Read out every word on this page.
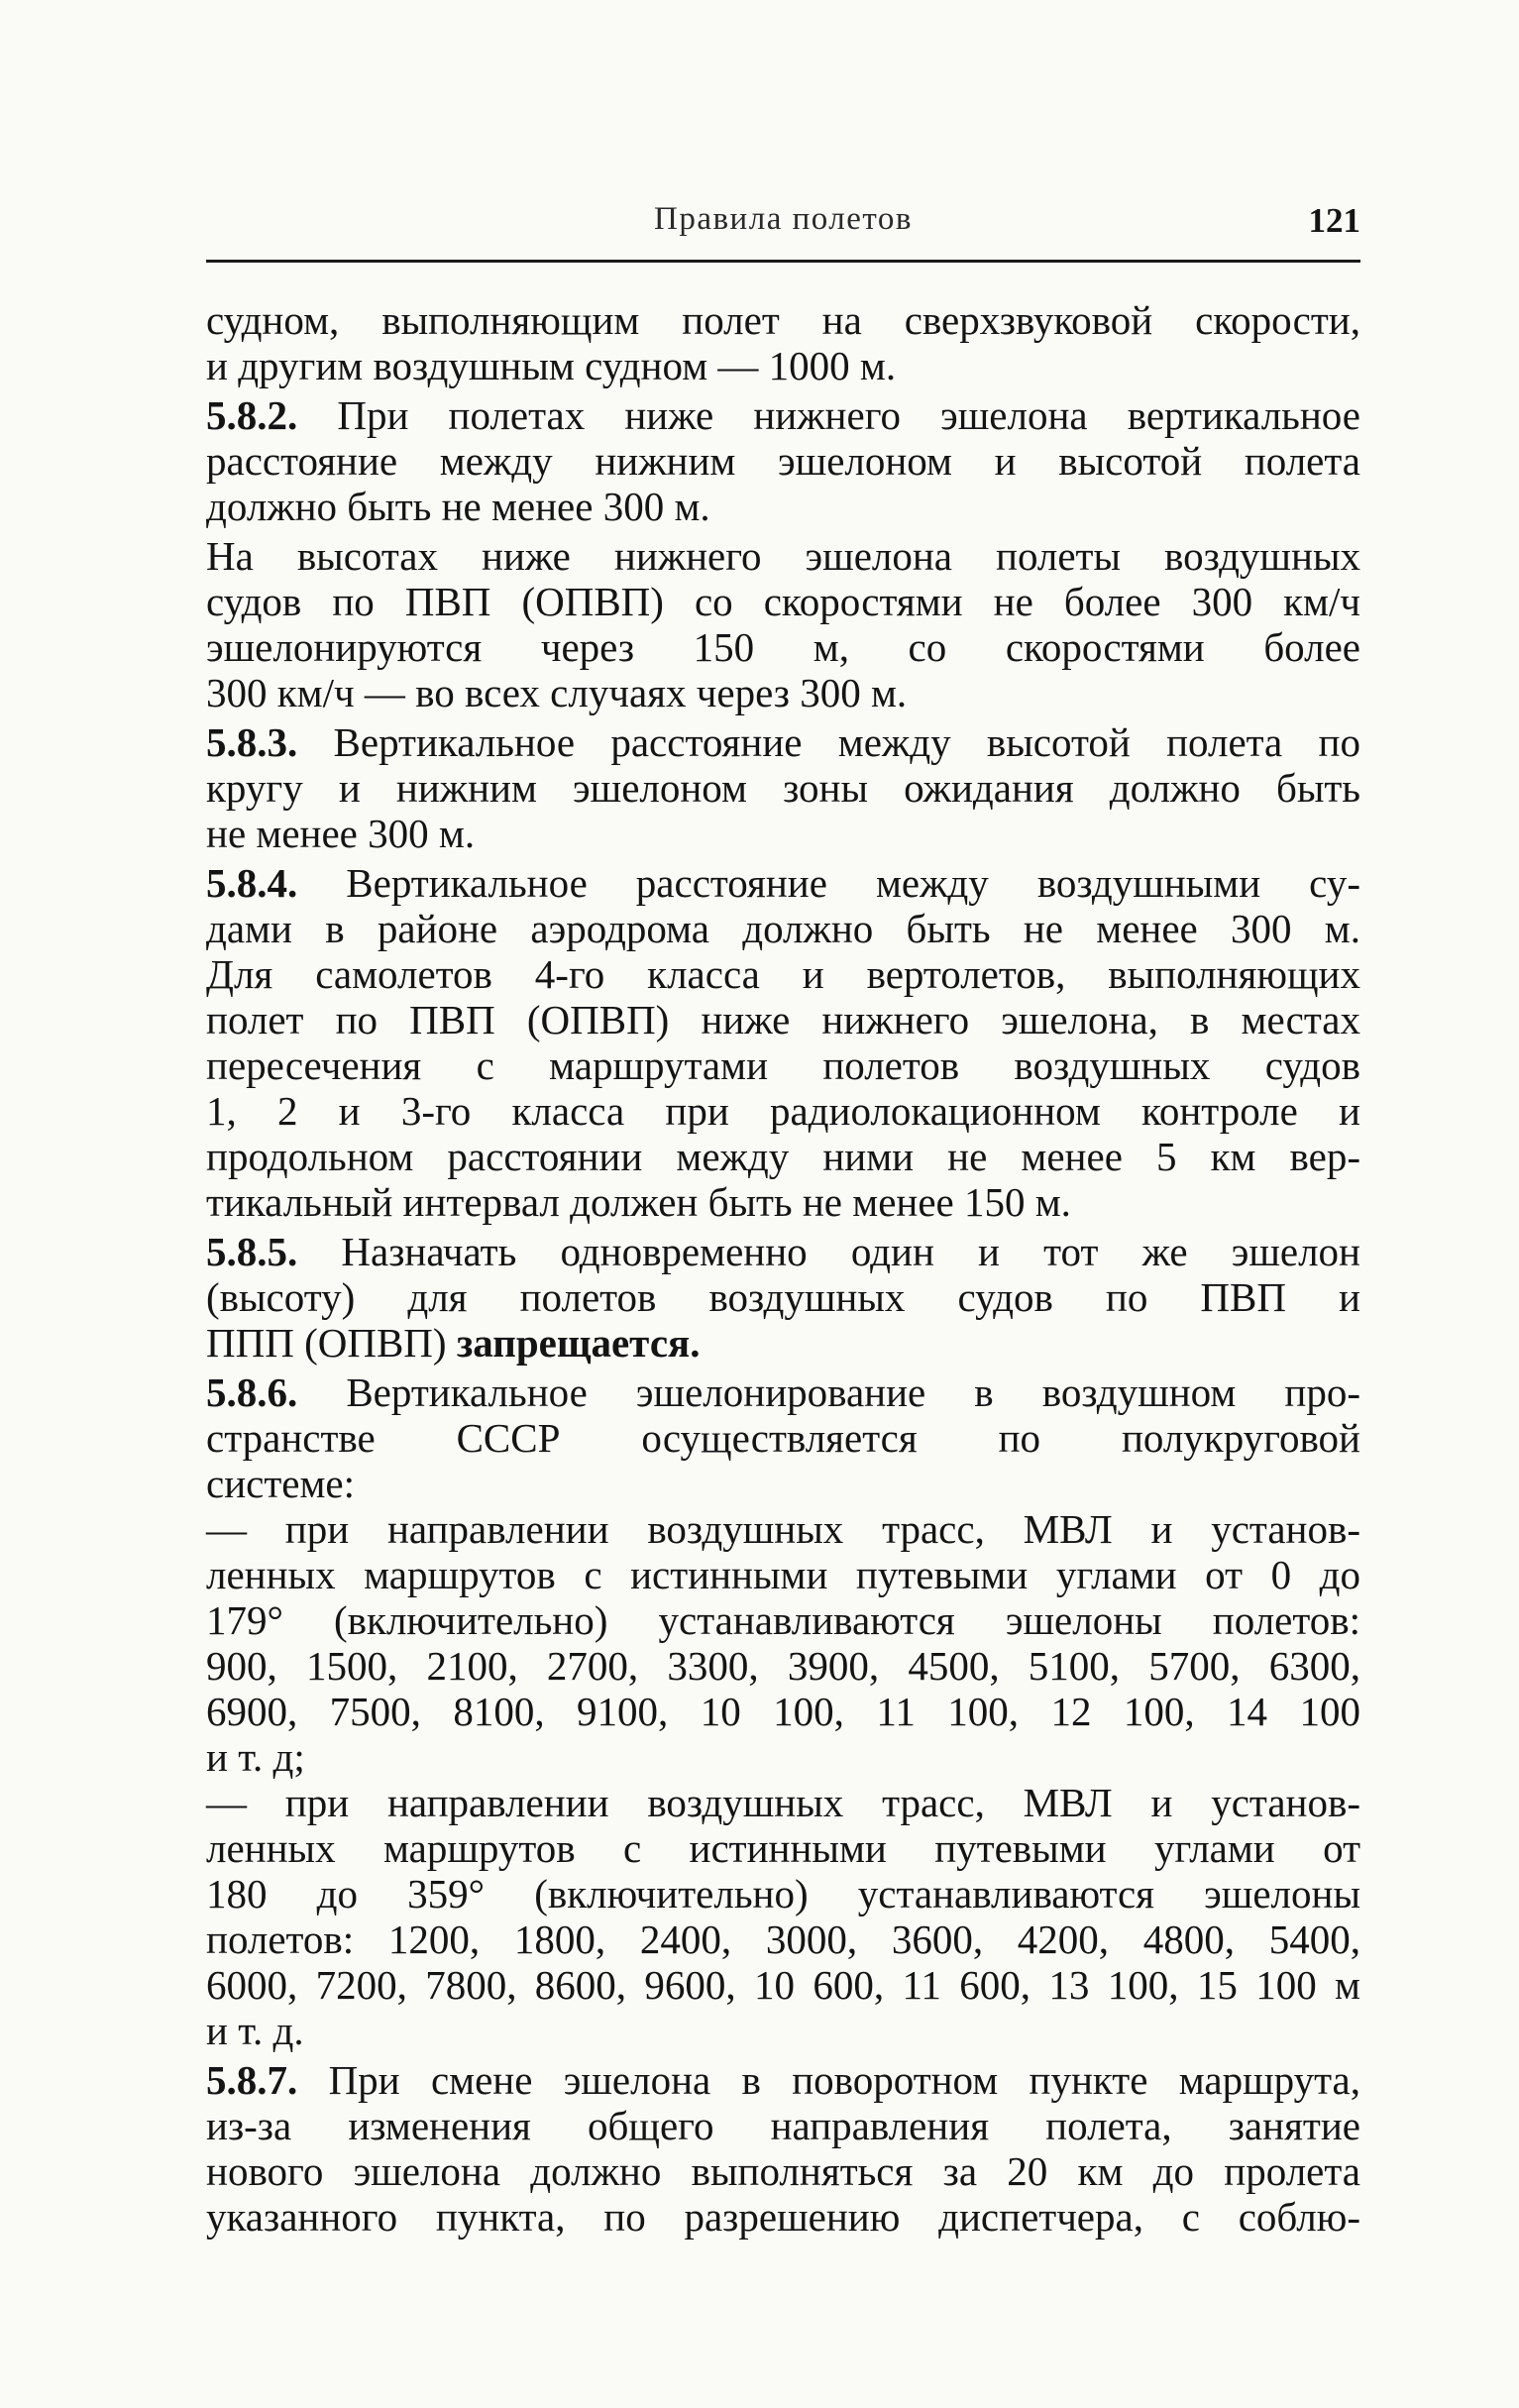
Правила полетов	121
судном, выполняющим полет на сверхзвуковой скорости,
и другим воздушным судном — 1000 м.
5.8.2. При полетах ниже нижнего эшелона вертикальное
расстояние между нижним эшелоном и высотой полета
должно быть не менее 300 м.
На высотах ниже нижнего эшелона полеты воздушных
судов по ПВП (ОПВП) со скоростями не более 300 км/ч
эшелонируются через 150 м, со скоростями более
300 км/ч — во всех случаях через 300 м.
5.8.3. Вертикальное расстояние между высотой полета по
кругу и нижним эшелоном зоны ожидания должно быть
не менее 300 м.
5.8.4. Вертикальное расстояние между воздушными су-
дами в районе аэродрома должно быть не менее 300 м.
Для самолетов 4-го класса и вертолетов, выполняющих
полет по ПВП (ОПВП) ниже нижнего эшелона, в местах
пересечения с маршрутами полетов воздушных судов
1, 2 и 3-го класса при радиолокационном контроле и
продольном расстоянии между ними не менее 5 км вер-
тикальный интервал должен быть не менее 150 м.
5.8.5. Назначать одновременно один и тот же эшелон
(высоту) для полетов воздушных судов по ПВП и
ППП (ОПВП) запрещается.
5.8.6. Вертикальное эшелонирование в воздушном про-
странстве СССР осуществляется по полукруговой
системе:
— при направлении воздушных трасс, МВЛ и установ-
ленных маршрутов с истинными путевыми углами от 0 до
179° (включительно) устанавливаются эшелоны полетов:
900, 1500, 2100, 2700, 3300, 3900, 4500, 5100, 5700, 6300,
6900, 7500, 8100, 9100, 10 100, 11 100, 12 100, 14 100
и т. д;
— при направлении воздушных трасс, МВЛ и установ-
ленных маршрутов с истинными путевыми углами от
180 до 359° (включительно) устанавливаются эшелоны
полетов: 1200, 1800, 2400, 3000, 3600, 4200, 4800, 5400,
6000, 7200, 7800, 8600, 9600, 10 600, 11 600, 13 100, 15 100 м
и т. д.
5.8.7. При смене эшелона в поворотном пункте маршрута,
из-за изменения общего направления полета, занятие
нового эшелона должно выполняться за 20 км до пролета
указанного пункта, по разрешению диспетчера, с соблю-
